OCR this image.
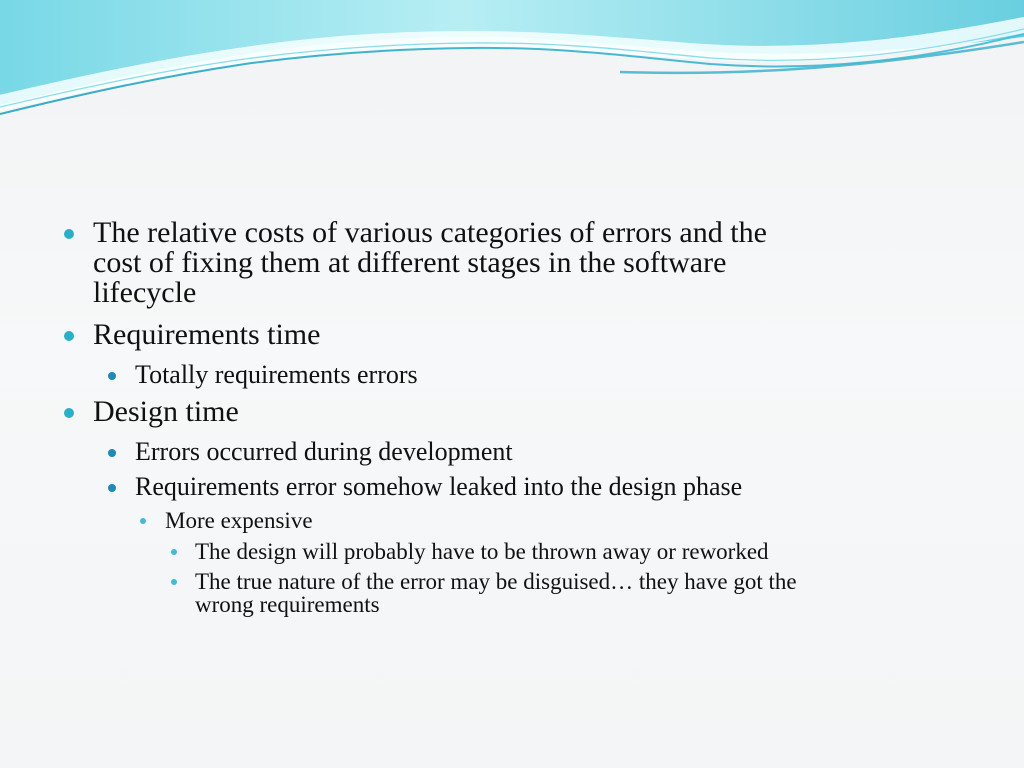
The relative costs of various categories of errors and the
cost of fixing them at different stages in the software
lifecycle
Requirements time
Totally requirements errors
Design time
Errors occurred during development
Requirements error somehow leaked into the design phase
More expensive
The design will probably have to be thrown away or reworked
The true nature of the error may be disguised… they have got the
wrong requirements
